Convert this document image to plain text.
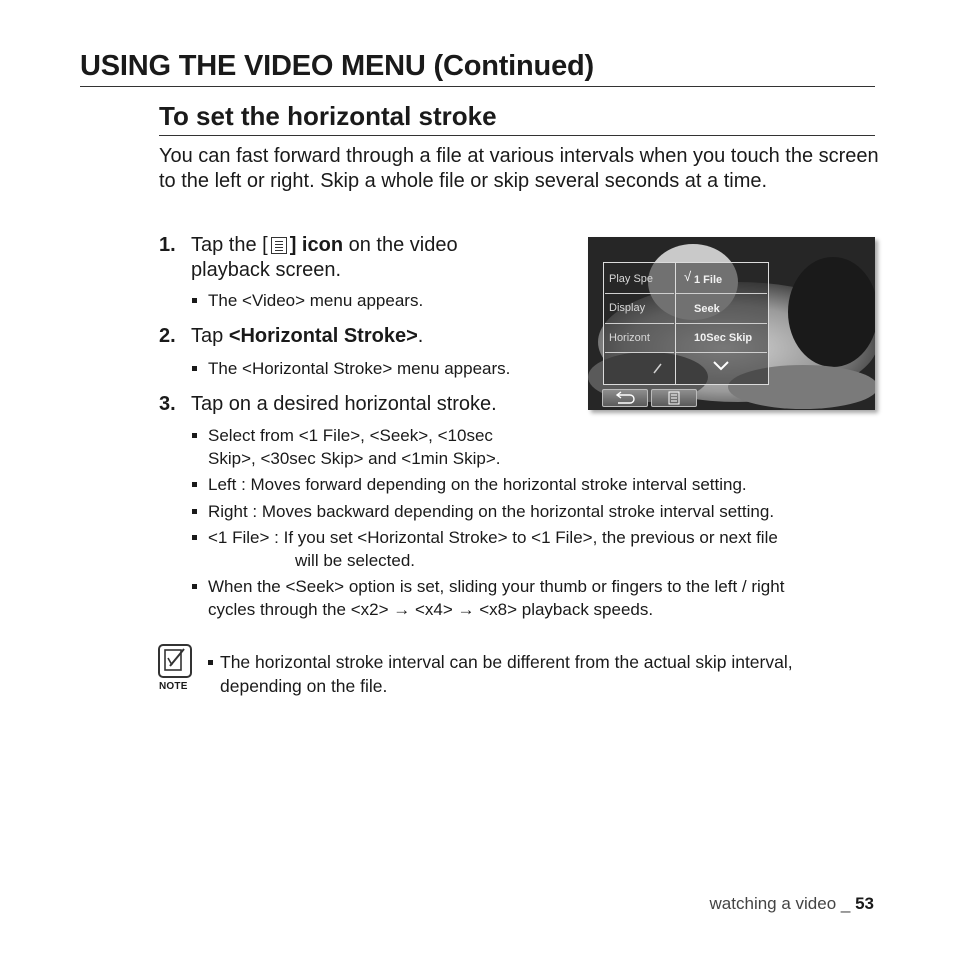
USING THE VIDEO MENU (Continued)
To set the horizontal stroke

You can fast forward through a file at various intervals when you touch the screen to the left or right. Skip a whole file or skip several seconds at a time.

1. Tap the [ ] icon on the video
playback screen.
The <Video> menu appears.
2. Tap <Horizontal Stroke>.
The <Horizontal Stroke> menu appears.
3. Tap on a desired horizontal stroke.
Select from <1 File>, <Seek>, <10sec
Skip>, <30sec Skip> and <1min Skip>.
Left : Moves forward depending on the horizontal stroke interval setting.
Right : Moves backward depending on the horizontal stroke interval setting.
<1 File> : If you set <Horizontal Stroke> to <1 File>, the previous or next file
will be selected.
When the <Seek> option is set, sliding your thumb or fingers to the left / right
cycles through the <x2> → <x4> → <x8> playback speeds.
Play Spe
Display
Horizont
√ 1 File
Seek
10Sec Skip
NOTE
The horizontal stroke interval can be different from the actual skip interval,
depending on the file.
watching a video _ 53
